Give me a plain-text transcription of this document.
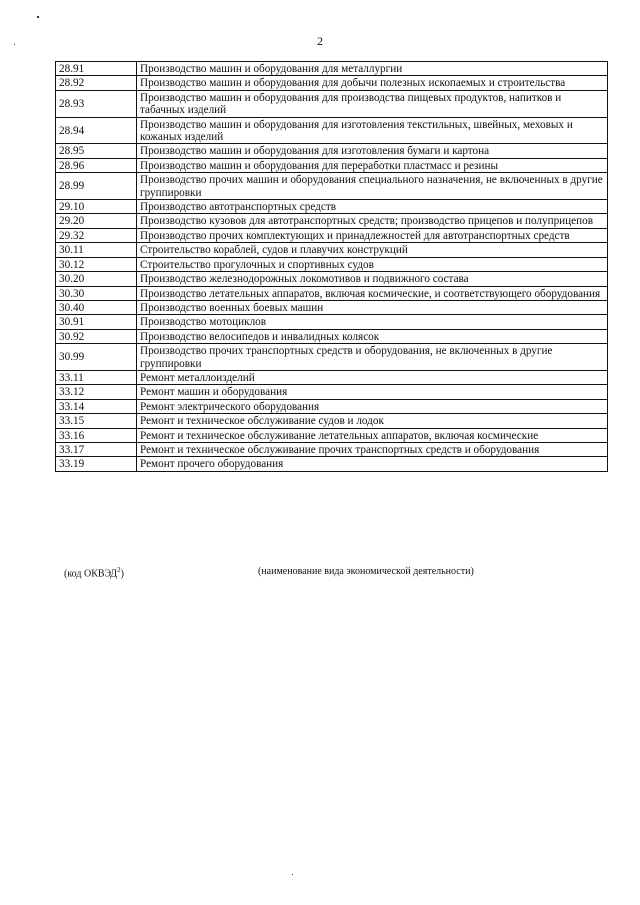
2
28.91	Производство машин и оборудования для металлургии
28.92	Производство машин и оборудования для добычи полезных ископаемых и строительства
28.93	Производство машин и оборудования для производства пищевых продуктов, напитков и табачных изделий
28.94	Производство машин и оборудования для изготовления текстильных, швейных, меховых и кожаных изделий
28.95	Производство машин и оборудования для изготовления бумаги и картона
28.96	Производство машин и оборудования для переработки пластмасс и резины
28.99	Производство прочих машин и оборудования специального назначения, не включенных в другие группировки
29.10	Производство автотранспортных средств
29.20	Производство кузовов для автотранспортных средств; производство прицепов и полуприцепов
29.32	Производство прочих комплектующих и принадлежностей для автотранспортных средств
30.11	Строительство кораблей, судов и плавучих конструкций
30.12	Строительство прогулочных и спортивных судов
30.20	Производство железнодорожных локомотивов и подвижного состава
30.30	Производство летательных аппаратов, включая космические, и соответствующего оборудования
30.40	Производство военных боевых машин
30.91	Производство мотоциклов
30.92	Производство велосипедов и инвалидных колясок
30.99	Производство прочих транспортных средств и оборудования, не включенных в другие группировки
33.11	Ремонт металлоизделий
33.12	Ремонт машин и оборудования
33.14	Ремонт электрического оборудования
33.15	Ремонт и техническое обслуживание судов и лодок
33.16	Ремонт и техническое обслуживание летательных аппаратов, включая космические
33.17	Ремонт и техническое обслуживание прочих транспортных средств и оборудования
33.19	Ремонт прочего оборудования
(код ОКВЭД$^2$)	(наименование вида экономической деятельности)
